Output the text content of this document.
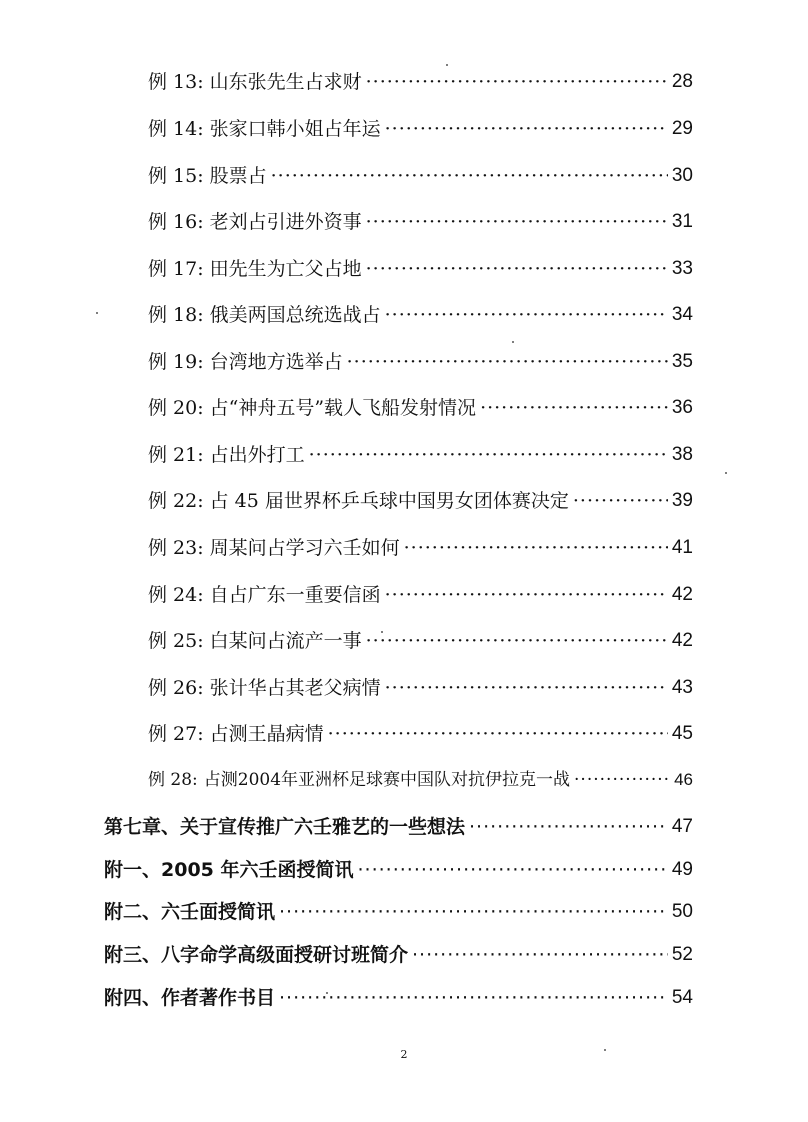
例 13: 山东张先生占求财 ·····	28
例 14: 张家口韩小姐占年运 ·····	29
例 15: 股票占 ·····	30
例 16: 老刘占引进外资事 ·····	31
例 17: 田先生为亡父占地 ·····	33
例 18: 俄美两国总统选战占 ·····	34
例 19: 台湾地方选举占 ·····	35
例 20: 占“神舟五号”载人飞船发射情况 ·····	36
例 21: 占出外打工 ·····	38
例 22: 占 45 届世界杯乒乓球中国男女团体赛决定 ·····	39
例 23: 周某问占学习六壬如何 ·····	41
例 24: 自占广东一重要信函 ·····	42
例 25: 白某问占流产一事 ·····	42
例 26: 张计华占其老父病情 ·····	43
例 27: 占测王晶病情 ·····	45
例 28: 占测2004年亚洲杯足球赛中国队对抗伊拉克一战 ·····	46
第七章、关于宣传推广六壬雅艺的一些想法 ·····	47
附一、2005 年六壬函授简讯 ·····	49
附二、六壬面授简讯 ·····	50
附三、八字命学高级面授研讨班简介 ·····	52
附四、作者著作书目 ·····	54
2
